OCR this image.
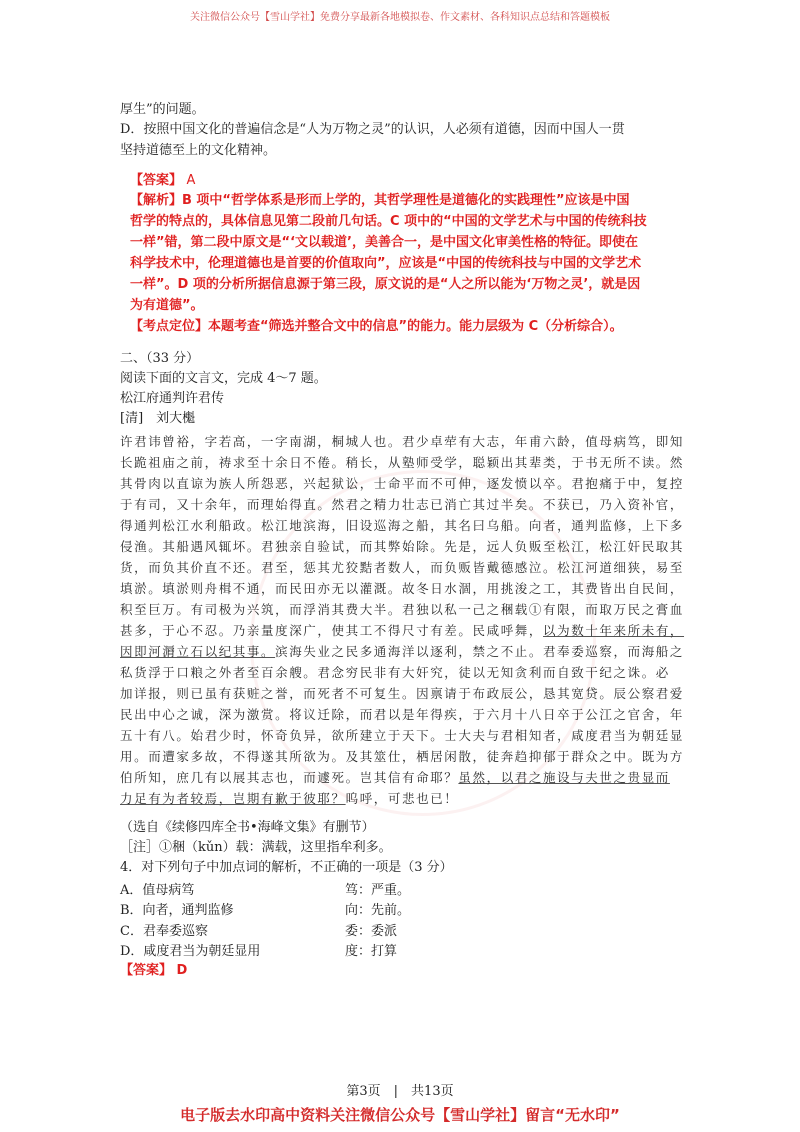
关注微信公众号【雪山学社】免费分享最新各地模拟卷、作文素材、各科知识点总结和答题模板
厚生”的问题。
D．按照中国文化的普遍信念是“人为万物之灵”的认识，人必须有道德，因而中国人一贯
坚持道德至上的文化精神。
【答案】 A
【解析】B 项中“哲学体系是形而上学的，其哲学理性是道德化的实践理性”应该是中国
哲学的特点的，具体信息见第二段前几句话。C 项中的“中国的文学艺术与中国的传统科技
一样”错，第二段中原文是“‘文以载道’，美善合一，是中国文化审美性格的特征。即使在
科学技术中，伦理道德也是首要的价值取向”，应该是“中国的传统科技与中国的文学艺术
一样”。D 项的分析所据信息源于第三段，原文说的是“人之所以能为‘万物之灵’，就是因
为有道德”。
【考点定位】本题考查“筛选并整合文中的信息”的能力。能力层级为 C（分析综合）。
二、（33 分）
阅读下面的文言文，完成 4～7 题。
松江府通判许君传
[清]　刘大櫆
许君讳曾裕，字若高，一字南湖，桐城人也。君少卓荦有大志，年甫六龄，值母病笃，即知
长跪祖庙之前，祷求至十余日不倦。稍长，从塾师受学，聪颖出其辈类，于书无所不读。然
其骨肉以直谅为族人所怨恶，兴起狱讼，士命平而不可伸，逐发愤以卒。君抱痛于中，复控
于有司，又十余年，而理始得直。然君之精力壮志已消亡其过半矣。不获已，乃入资补官，
得通判松江水利船政。松江地滨海，旧设巡海之船，其名曰乌船。向者，通判监修，上下多
侵渔。其船遇风辄坏。君独亲自验试，而其弊始除。先是，远人负贩至松江，松江奸民取其
货，而负其价直不还。君至，惩其尤狡黠者数人，而负贩皆戴德感泣。松江河道细狭，易至
填淤。填淤则舟楫不通，而民田亦无以灌溉。故冬日水涸，用挑浚之工，其费皆出自民间，
积至巨万。有司极为兴筑，而浮消其费大半。君独以私一己之稇载①有限，而取万民之膏血
甚多，于心不忍。乃亲量度深广，使其工不得尺寸有差。民咸呼舞，以为数十年来所未有，
因即河漘立石以纪其事。滨海失业之民多通海洋以逐利，禁之不止。君奉委巡察，而海船之
私货浮于口粮之外者至百余艘。君念穷民非有大奸究，徒以无知贪利而自致干纪之诛。必
加详报，则已虽有获赃之誉，而死者不可复生。因禀请于布政辰公，恳其宽贷。辰公察君爱
民出中心之诚，深为激赏。将议迁除，而君以是年得疾，于六月十八日卒于公江之官舍，年
五十有八。始君少时，怀奇负异，欲所建立于天下。士大夫与君相知者，咸度君当为朝廷显
用。而遭家多故，不得遂其所欲为。及其筮仕，栖居闲散，徒奔趋抑郁于群众之中。既为方
伯所知，庶几有以展其志也，而遽死。岂其信有命耶？虽然，以君之施设与夫世之贵显而
力足有为者较焉，岂期有歉于彼耶？呜呼，可悲也已！
（选自《续修四库全书•海峰文集》有删节）
［注］①稇（kǔn）载：满载，这里指牟利多。
4．对下列句子中加点词的解析，不正确的一项是（3 分）
A．值母病笃	笃：严重。
B．向者，通判监修	向：先前。
C．君奉委巡察	委：委派
D．咸度君当为朝廷显用	度：打算
【答案】 D
第3页　|　共13页
电子版去水印高中资料关注微信公众号【雪山学社】留言“无水印”
